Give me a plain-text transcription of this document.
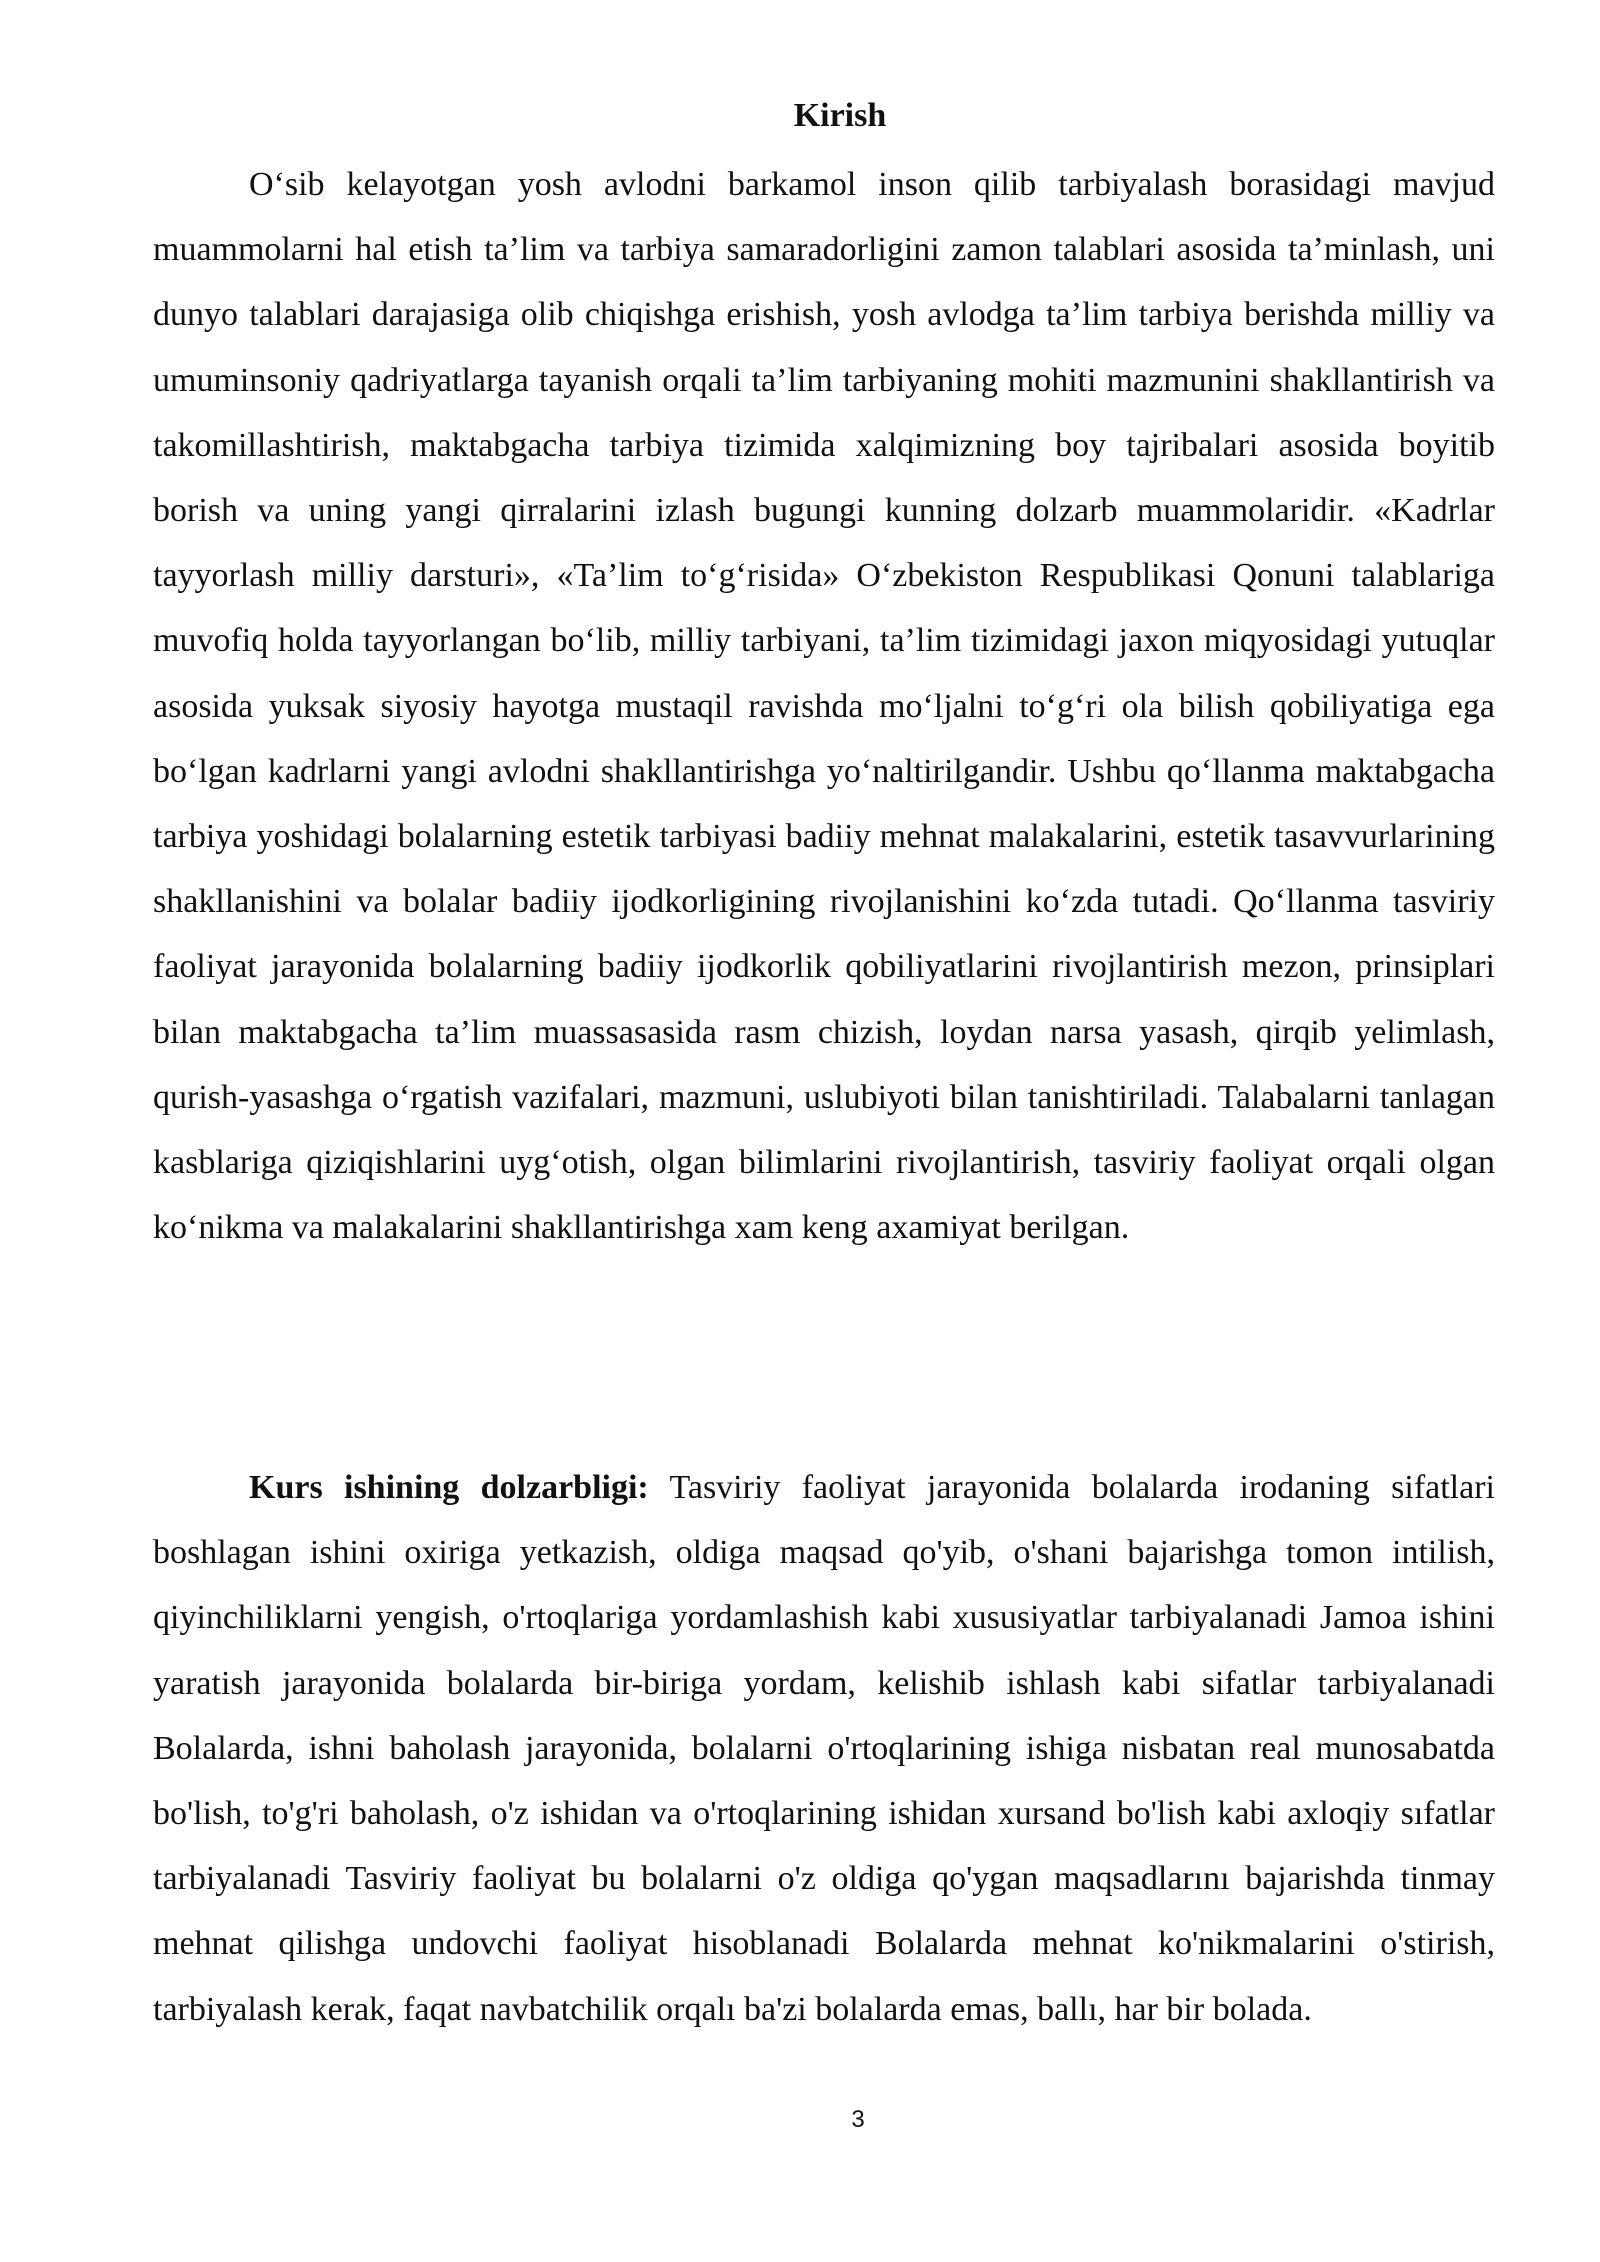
Kirish

O‘sib kelayotgan yosh avlodni barkamol inson qilib tarbiyalash borasidagi mavjud muammolarni hal etish ta’lim va tarbiya samaradorligini zamon talablari asosida ta’minlash, uni dunyo talablari darajasiga olib chiqishga erishish, yosh avlodga ta’lim tarbiya berishda milliy va umuminsoniy qadriyatlarga tayanish orqali ta’lim tarbiyaning mohiti mazmunini shakllantirish va takomillashtirish, maktabgacha tarbiya tizimida xalqimizning boy tajribalari asosida boyitib borish va uning yangi qirralarini izlash bugungi kunning dolzarb muammolaridir. «Kadrlar tayyorlash milliy darsturi», «Ta’lim to‘g‘risida» O‘zbekiston Respublikasi Qonuni talablariga muvofiq holda tayyorlangan bo‘lib, milliy tarbiyani, ta’lim tizimidagi jaxon miqyosidagi yutuqlar asosida yuksak siyosiy hayotga mustaqil ravishda mo‘ljalni to‘g‘ri ola bilish qobiliyatiga ega bo‘lgan kadrlarni yangi avlodni shakllantirishga yo‘naltirilgandir. Ushbu qo‘llanma maktabgacha tarbiya yoshidagi bolalarning estetik tarbiyasi badiiy mehnat malakalarini, estetik tasavvurlarining shakllanishini va bolalar badiiy ijodkorligining rivojlanishini ko‘zda tutadi. Qo‘llanma tasviriy faoliyat jarayonida bolalarning badiiy ijodkorlik qobiliyatlarini rivojlantirish mezon, prinsiplari bilan maktabgacha ta’lim muassasasida rasm chizish, loydan narsa yasash, qirqib yelimlash, qurish-yasashga o‘rgatish vazifalari, mazmuni, uslubiyoti bilan tanishtiriladi. Talabalarni tanlagan kasblariga qiziqishlarini uyg‘otish, olgan bilimlarini rivojlantirish, tasviriy faoliyat orqali olgan ko‘nikma va malakalarini shakllantirishga xam keng axamiyat berilgan.

Kurs ishining dolzarbligi: Tasviriy faoliyat jarayonida bolalarda irodaning sifatlari boshlagan ishini oxiriga yetkazish, oldiga maqsad qo'yib, o'shani bajarishga tomon intilish, qiyinchiliklarni yengish, o'rtoqlariga yordamlashish kabi xususiyatlar tarbiyalanadi Jamoa ishini yaratish jarayonida bolalarda bir-biriga yordam, kelishib ishlash kabi sifatlar tarbiyalanadi Bolalarda, ishni baholash jarayonida, bolalarni o'rtoqlarining ishiga nisbatan real munosabatda bo'lish, to'g'ri baholash, o'z ishidan va o'rtoqlarining ishidan xursand bo'lish kabi axloqiy sıfatlar tarbiyalanadi Tasviriy faoliyat bu bolalarni o'z oldiga qo'ygan maqsadlarını bajarishda tinmay mehnat qilishga undovchi faoliyat hisoblanadi Bolalarda mehnat ko'nikmalarini o'stirish, tarbiyalash kerak, faqat navbatchilik orqalı ba'zi bolalarda emas, ballı, har bir bolada.

3
